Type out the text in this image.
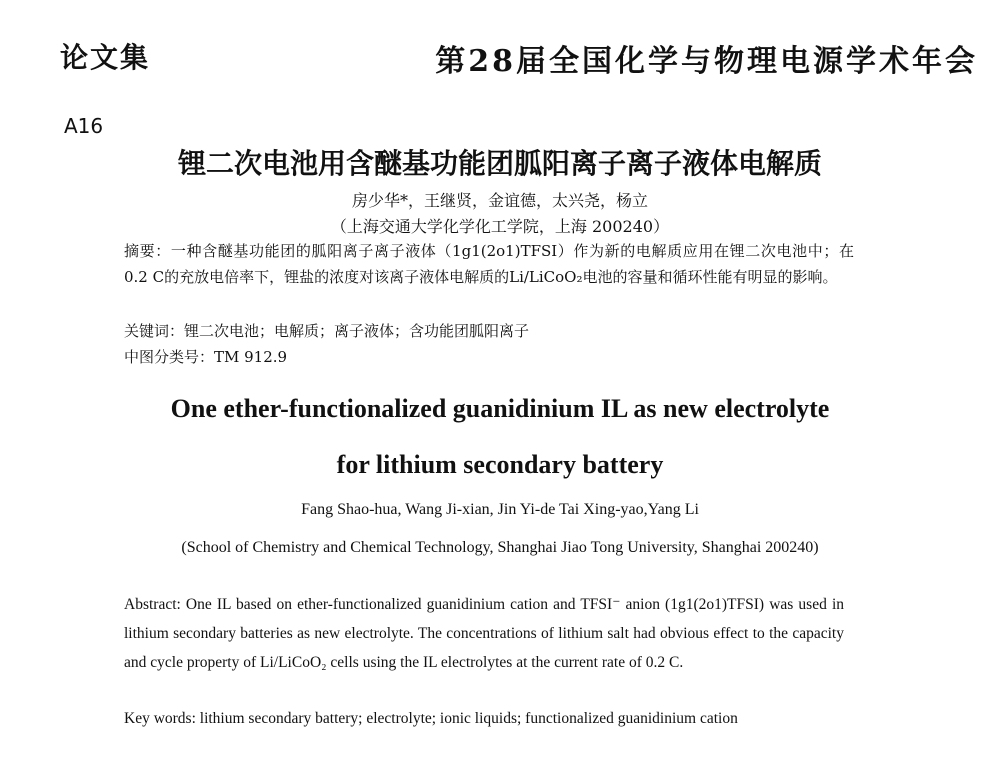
论文集	第28届全国化学与物理电源学术年会
A16
锂二次电池用含醚基功能团胍阳离子离子液体电解质
房少华*，王继贤，金谊德，太兴尧，杨立
（上海交通大学化学化工学院，上海 200240）
摘要：一种含醚基功能团的胍阳离子离子液体（1g1(2o1)TFSI）作为新的电解质应用在锂二次电池中；在 0.2 C的充放电倍率下，锂盐的浓度对该离子液体电解质的Li/LiCoO₂电池的容量和循环性能有明显的影响。
关键词：锂二次电池；电解质；离子液体；含功能团胍阳离子
中图分类号：TM 912.9
One ether-functionalized guanidinium IL as new electrolyte
for lithium secondary battery
Fang Shao-hua, Wang Ji-xian, Jin Yi-de Tai Xing-yao,Yang Li
(School of Chemistry and Chemical Technology, Shanghai Jiao Tong University, Shanghai 200240)
Abstract: One IL based on ether-functionalized guanidinium cation and TFSI⁻ anion (1g1(2o1)TFSI) was used in lithium secondary batteries as new electrolyte. The concentrations of lithium salt had obvious effect to the capacity and cycle property of Li/LiCoO₂ cells using the IL electrolytes at the current rate of 0.2 C.
Key words: lithium secondary battery; electrolyte; ionic liquids; functionalized guanidinium cation
